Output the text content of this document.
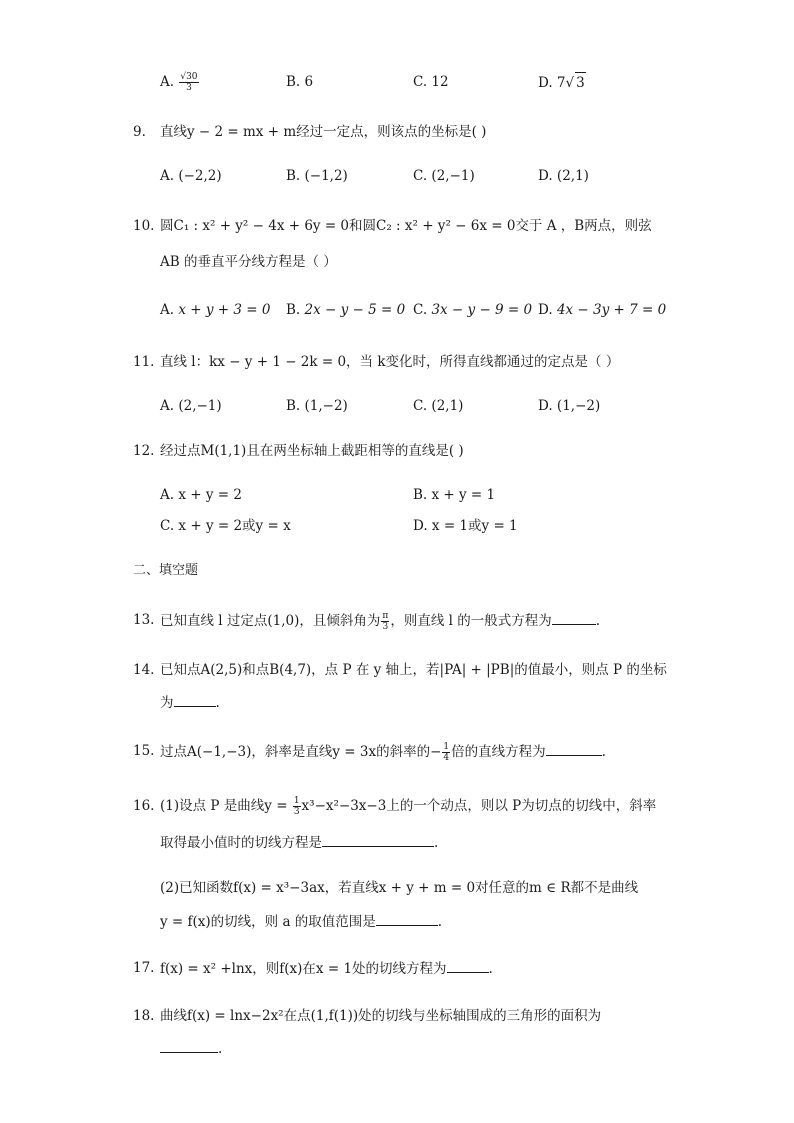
A. $\frac{√30}{3}$	B. 6	C. 12	D. 7√ 3
9. 直线y − 2 = mx + m经过一定点，则该点的坐标是( )
A. (−2,2)	B. (−1,2)	C. (2,−1)	D. (2,1)
10. 圆C₁ : x² + y² − 4x + 6y = 0和圆C₂ : x² + y² − 6x = 0交于 A ，B两点，则弦
AB 的垂直平分线方程是（ ）
A. x + y + 3 = 0 B. 2x − y − 5 = 0 C. 3x − y − 9 = 0 D. 4x − 3y + 7 = 0
11. 直线 l：kx − y + 1 − 2k = 0，当 k变化时，所得直线都通过的定点是（ ）
A. (2,−1)	B. (1,−2)	C. (2,1)	D. (1,−2)
12. 经过点M(1,1)且在两坐标轴上截距相等的直线是( )
A. x + y = 2	B. x + y = 1
C. x + y = 2或y = x	D. x = 1或y = 1
二、填空题
13. 已知直线 l 过定点(1,0)，且倾斜角为 $\frac{\pi}{3}$ ，则直线 l 的一般式方程为	.
14. 已知点A(2,5)和点B(4,7)，点 P 在 y 轴上，若|PA| + |PB|的值最小，则点 P 的坐标
为	.
15. 过点A(−1,−3)，斜率是直线y = 3x的斜率的− $\frac{1}{4}$ 倍的直线方程为	.
16. (1)设点 P 是曲线$y = \frac{1}{3} x^3-x^2-3x-3$上的一个动点，则以 P为切点的切线中，斜率
取得最小值时的切线方程是	.
(2)已知函数f(x) = x³−3ax，若直线x + y + m = 0对任意的m ∈ R都不是曲线
y = f(x)的切线，则 a 的取值范围是	.
17. f(x) = x² +lnx，则f(x)在x = 1处的切线方程为	.
18. 曲线f(x) = lnx−2x²在点(1,f(1))处的切线与坐标轴围成的三角形的面积为
.
